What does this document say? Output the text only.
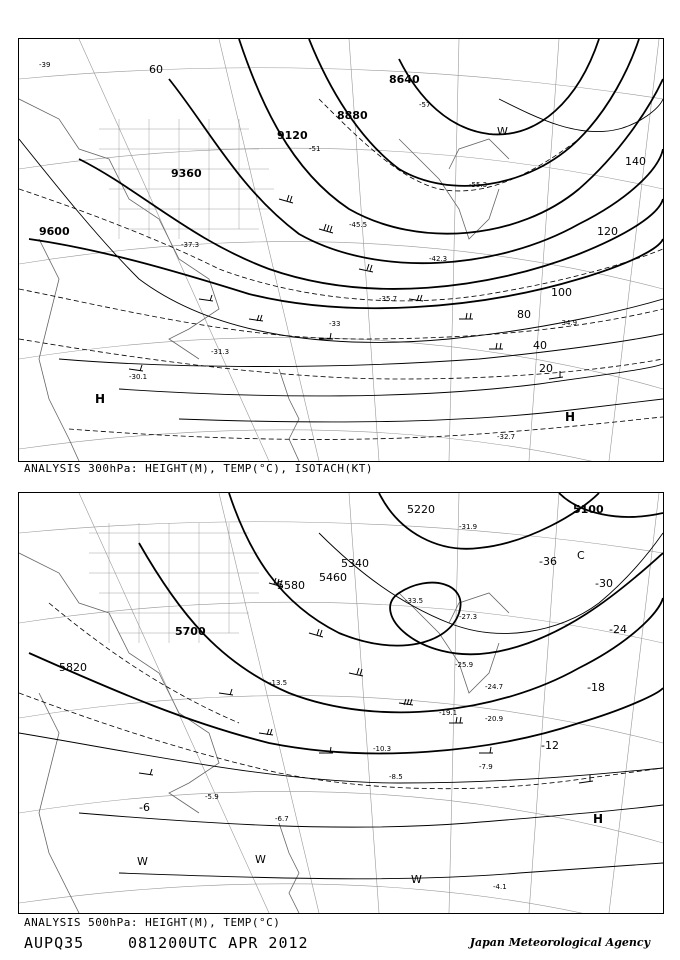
8640
8880
9120
9360
9600
20
40
60
80
100
120
140
-39
-42.3
-45.5
-51
-55.3
-57
-37.3
-35.7
-34.9
-33
-31.3
-30.1
-32.7
H
H
W
ANALYSIS 300hPa: HEIGHT(M), TEMP(°C), ISOTACH(KT)
5100
5220
5340
5460
5580
5700
5820
-30
-24
-18
-12
-6
-36
-31.9
-33.5
-27.3
-25.9
-24.7
-20.9
-19.1
-13.5
-10.3
-7.9
-8.5
-4.1
-5.9
-6.7	H
C
W	W
W
ANALYSIS 500hPa: HEIGHT(M), TEMP(°C)
AUPQ35	081200UTC APR 2012	Japan Meteorological Agency
